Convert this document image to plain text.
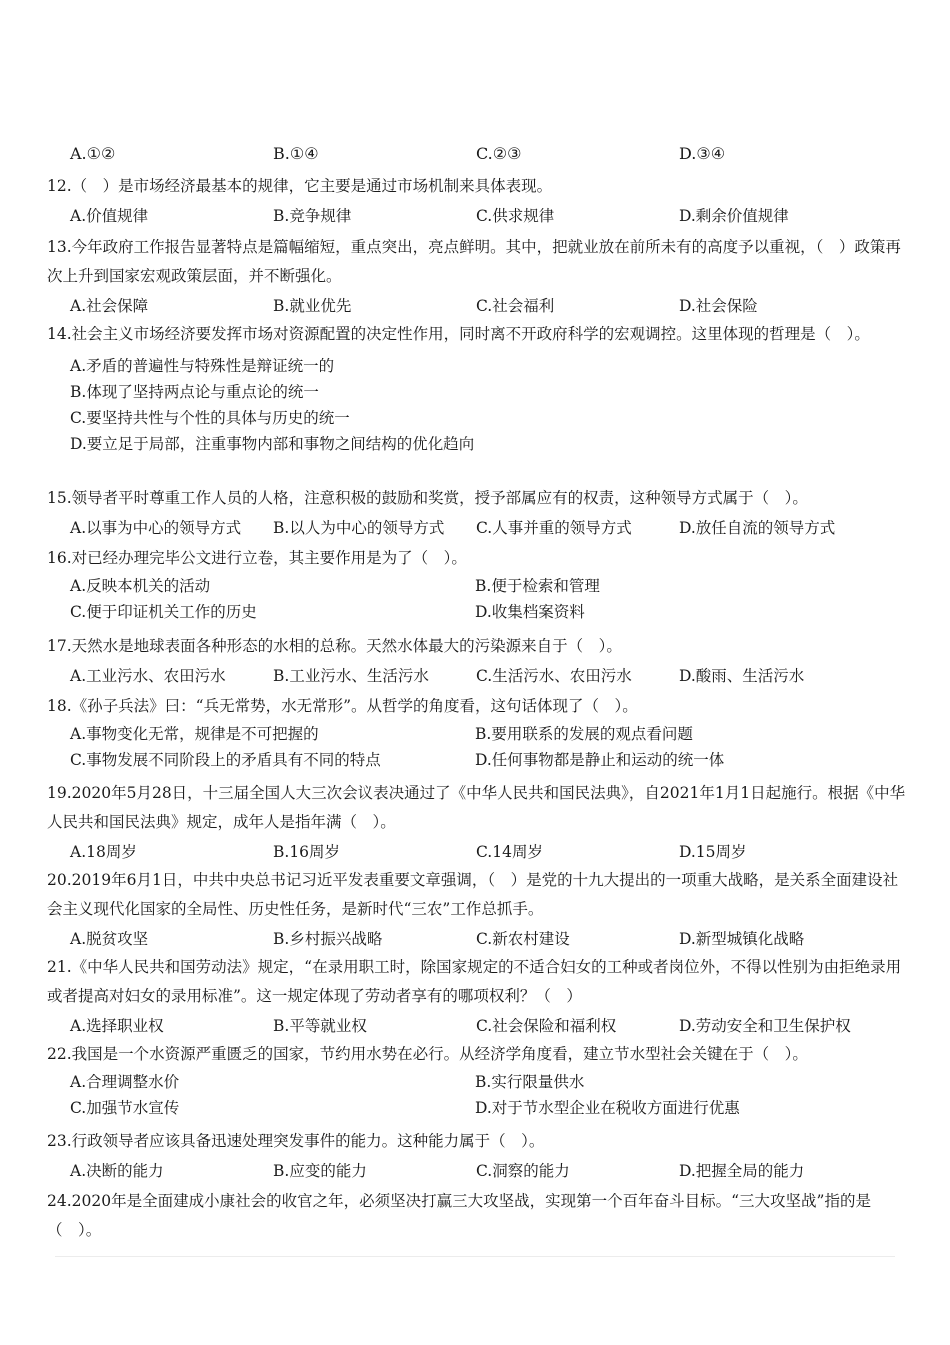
A.①②	B.①④	C.②③	D.③④

12.（　）是市场经济最基本的规律，它主要是通过市场机制来具体表现。

A.价值规律	B.竞争规律	C.供求规律	D.剩余价值规律

13.今年政府工作报告显著特点是篇幅缩短，重点突出，亮点鲜明。其中，把就业放在前所未有的高度予以重视，（　）政策再次上升到国家宏观政策层面，并不断强化。

A.社会保障	B.就业优先	C.社会福利	D.社会保险

14.社会主义市场经济要发挥市场对资源配置的决定性作用，同时离不开政府科学的宏观调控。这里体现的哲理是（　）。

A.矛盾的普遍性与特殊性是辩证统一的
B.体现了坚持两点论与重点论的统一
C.要坚持共性与个性的具体与历史的统一
D.要立足于局部，注重事物内部和事物之间结构的优化趋向

15.领导者平时尊重工作人员的人格，注意积极的鼓励和奖赏，授予部属应有的权责，这种领导方式属于（　）。

A.以事为中心的领导方式	B.以人为中心的领导方式	C.人事并重的领导方式	D.放任自流的领导方式

16.对已经办理完毕公文进行立卷，其主要作用是为了（　）。

A.反映本机关的活动	B.便于检索和管理
C.便于印证机关工作的历史	D.收集档案资料

17.天然水是地球表面各种形态的水相的总称。天然水体最大的污染源来自于（　）。

A.工业污水、农田污水	B.工业污水、生活污水	C.生活污水、农田污水	D.酸雨、生活污水

18.《孙子兵法》曰：“兵无常势，水无常形”。从哲学的角度看，这句话体现了（　）。

A.事物变化无常，规律是不可把握的	B.要用联系的发展的观点看问题
C.事物发展不同阶段上的矛盾具有不同的特点	D.任何事物都是静止和运动的统一体

19.2020年5月28日，十三届全国人大三次会议表决通过了《中华人民共和国民法典》，自2021年1月1日起施行。根据《中华人民共和国民法典》规定，成年人是指年满（　）。

A.18周岁	B.16周岁	C.14周岁	D.15周岁

20.2019年6月1日，中共中央总书记习近平发表重要文章强调，（　）是党的十九大提出的一项重大战略，是关系全面建设社会主义现代化国家的全局性、历史性任务，是新时代“三农”工作总抓手。

A.脱贫攻坚	B.乡村振兴战略	C.新农村建设	D.新型城镇化战略

21.《中华人民共和国劳动法》规定，“在录用职工时，除国家规定的不适合妇女的工种或者岗位外，不得以性别为由拒绝录用或者提高对妇女的录用标准”。这一规定体现了劳动者享有的哪项权利？（　）

A.选择职业权	B.平等就业权	C.社会保险和福利权	D.劳动安全和卫生保护权

22.我国是一个水资源严重匮乏的国家，节约用水势在必行。从经济学角度看，建立节水型社会关键在于（　）。

A.合理调整水价	B.实行限量供水
C.加强节水宣传	D.对于节水型企业在税收方面进行优惠

23.行政领导者应该具备迅速处理突发事件的能力。这种能力属于（　）。

A.决断的能力	B.应变的能力	C.洞察的能力	D.把握全局的能力

24.2020年是全面建成小康社会的收官之年，必须坚决打赢三大攻坚战，实现第一个百年奋斗目标。“三大攻坚战”指的是（　）。
